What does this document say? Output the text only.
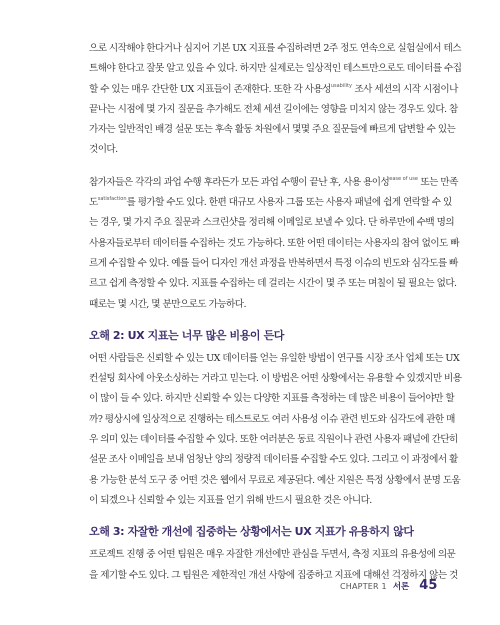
으로 시작해야 한다거나 심지어 기본 UX 지표를 수집하려면 2주 정도 연속으로 실험실에서 테스

트해야 한다고 잘못 알고 있을 수 있다. 하지만 실제로는 일상적인 테스트만으로도 데이터를 수집

할 수 있는 매우 간단한 UX 지표들이 존재한다. 또한 각 사용성$^{usability}$ 조사 세션의 시작 시점이나

끝나는 시점에 몇 가지 질문을 추가해도 전체 세션 길이에는 영향을 미치지 않는 경우도 있다. 참

가자는 일반적인 배경 설문 또는 후속 활동 차원에서 몇몇 주요 질문들에 빠르게 답변할 수 있는

것이다.

참가자들은 각각의 과업 수행 후라든가 모든 과업 수행이 끝난 후, 사용 용이성$^{ease of use}$ 또는 만족

도$^{satisfaction}$를 평가할 수도 있다. 한편 대규모 사용자 그룹 또는 사용자 패널에 쉽게 연락할 수 있

는 경우, 몇 가지 주요 질문과 스크린샷을 정리해 이메일로 보낼 수 있다. 단 하루만에 수백 명의

사용자들로부터 데이터를 수집하는 것도 가능하다. 또한 어떤 데이터는 사용자의 참여 없이도 빠

르게 수집할 수 있다. 예를 들어 디자인 개선 과정을 반복하면서 특정 이슈의 빈도와 심각도를 빠

르고 쉽게 측정할 수 있다. 지표를 수집하는 데 걸리는 시간이 몇 주 또는 며칠이 될 필요는 없다.

때로는 몇 시간, 몇 분만으로도 가능하다.

오해 2: UX 지표는 너무 많은 비용이 든다

어떤 사람들은 신뢰할 수 있는 UX 데이터를 얻는 유일한 방법이 연구를 시장 조사 업체 또는 UX

컨설팅 회사에 아웃소싱하는 거라고 믿는다. 이 방법은 어떤 상황에서는 유용할 수 있겠지만 비용

이 많이 들 수 있다. 하지만 신뢰할 수 있는 다양한 지표를 측정하는 데 많은 비용이 들어야만 할

까? 평상시에 일상적으로 진행하는 테스트로도 여러 사용성 이슈 관련 빈도와 심각도에 관한 매

우 의미 있는 데이터를 수집할 수 있다. 또한 여러분은 동료 직원이나 관련 사용자 패널에 간단히

설문 조사 이메일을 보내 엄청난 양의 정량적 데이터를 수집할 수도 있다. 그리고 이 과정에서 활

용 가능한 분석 도구 중 어떤 것은 웹에서 무료로 제공된다. 예산 지원은 특정 상황에서 분명 도움

이 되겠으나 신뢰할 수 있는 지표를 얻기 위해 반드시 필요한 것은 아니다.

오해 3: 자잘한 개선에 집중하는 상황에서는 UX 지표가 유용하지 않다

프로젝트 진행 중 어떤 팀원은 매우 자잘한 개선에만 관심을 두면서, 측정 지표의 유용성에 의문

을 제기할 수도 있다. 그 팀원은 제한적인 개선 사항에 집중하고 지표에 대해선 걱정하지 않는 것

CHAPTER 1 서론 45
